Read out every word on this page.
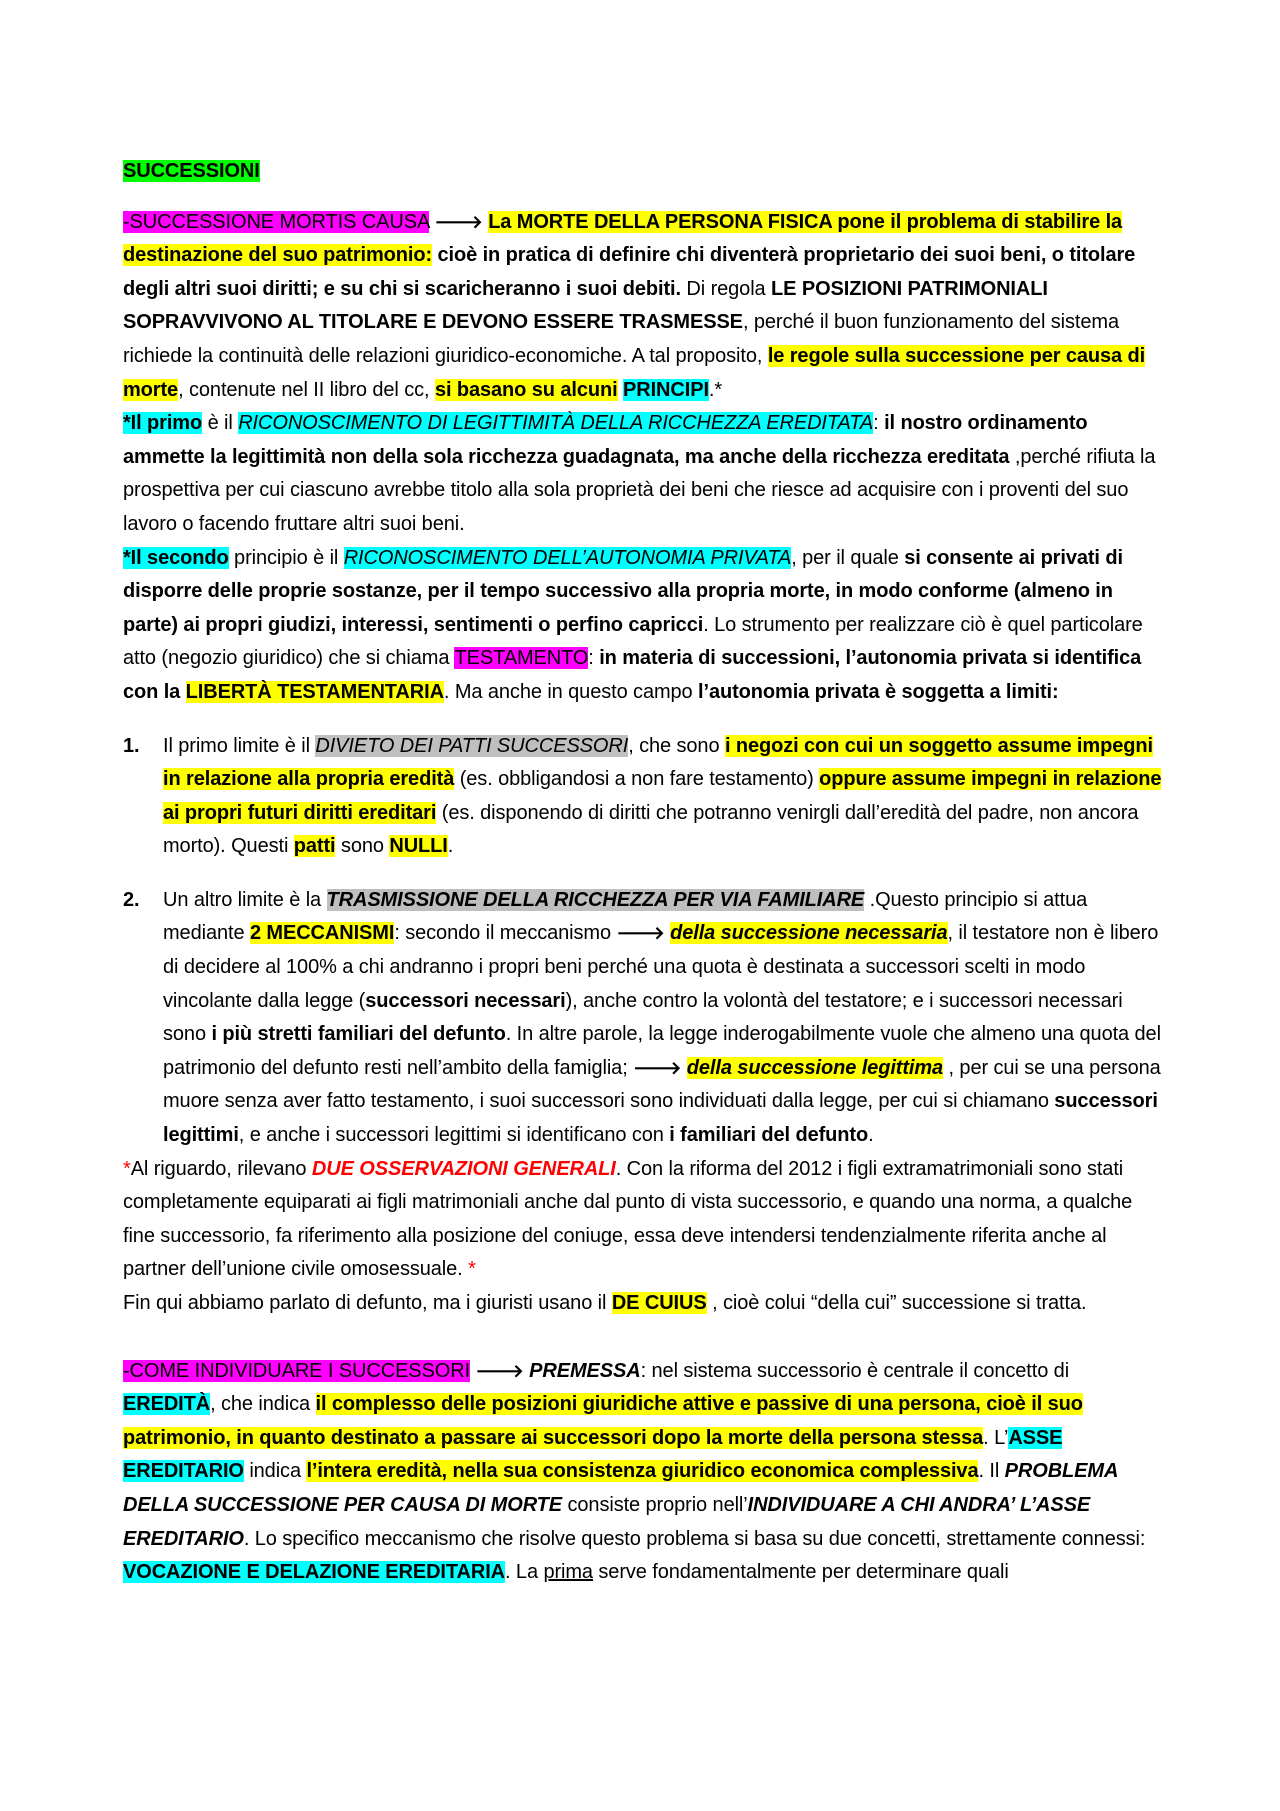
SUCCESSIONI

-SUCCESSIONE MORTIS CAUSA 🡒 La MORTE DELLA PERSONA FISICA pone il problema di stabilire la destinazione del suo patrimonio: cioè in pratica di definire chi diventerà proprietario dei suoi beni, o titolare degli altri suoi diritti; e su chi si scaricheranno i suoi debiti. Di regola LE POSIZIONI PATRIMONIALI SOPRAVVIVONO AL TITOLARE E DEVONO ESSERE TRASMESSE, perché il buon funzionamento del sistema richiede la continuità delle relazioni giuridico-economiche. A tal proposito, le regole sulla successione per causa di morte, contenute nel II libro del cc, si basano su alcuni PRINCIPI.*

*Il primo è il RICONOSCIMENTO DI LEGITTIMITÀ DELLA RICCHEZZA EREDITATA: il nostro ordinamento ammette la legittimità non della sola ricchezza guadagnata, ma anche della ricchezza ereditata ,perché rifiuta la prospettiva per cui ciascuno avrebbe titolo alla sola proprietà dei beni che riesce ad acquisire con i proventi del suo lavoro o facendo fruttare altri suoi beni.

*Il secondo principio è il RICONOSCIMENTO DELL’AUTONOMIA PRIVATA, per il quale si consente ai privati di disporre delle proprie sostanze, per il tempo successivo alla propria morte, in modo conforme (almeno in parte) ai propri giudizi, interessi, sentimenti o perfino capricci. Lo strumento per realizzare ciò è quel particolare atto (negozio giuridico) che si chiama TESTAMENTO: in materia di successioni, l’autonomia privata si identifica con la LIBERTÀ TESTAMENTARIA. Ma anche in questo campo l’autonomia privata è soggetta a limiti:

1. Il primo limite è il DIVIETO DEI PATTI SUCCESSORI, che sono i negozi con cui un soggetto assume impegni in relazione alla propria eredità (es. obbligandosi a non fare testamento) oppure assume impegni in relazione ai propri futuri diritti ereditari (es. disponendo di diritti che potranno venirgli dall’eredità del padre, non ancora morto). Questi patti sono NULLI.
2. Un altro limite è la TRASMISSIONE DELLA RICCHEZZA PER VIA FAMILIARE .Questo principio si attua mediante 2 MECCANISMI: secondo il meccanismo 🡒 della successione necessaria, il testatore non è libero di decidere al 100% a chi andranno i propri beni perché una quota è destinata a successori scelti in modo vincolante dalla legge (successori necessari), anche contro la volontà del testatore; e i successori necessari sono i più stretti familiari del defunto. In altre parole, la legge inderogabilmente vuole che almeno una quota del patrimonio del defunto resti nell’ambito della famiglia; 🡒 della successione legittima , per cui se una persona muore senza aver fatto testamento, i suoi successori sono individuati dalla legge, per cui si chiamano successori legittimi, e anche i successori legittimi si identificano con i familiari del defunto.

*Al riguardo, rilevano DUE OSSERVAZIONI GENERALI. Con la riforma del 2012 i figli extramatrimoniali sono stati completamente equiparati ai figli matrimoniali anche dal punto di vista successorio, e quando una norma, a qualche fine successorio, fa riferimento alla posizione del coniuge, essa deve intendersi tendenzialmente riferita anche al partner dell’unione civile omosessuale. *

Fin qui abbiamo parlato di defunto, ma i giuristi usano il DE CUIUS , cioè colui “della cui” successione si tratta.

-COME INDIVIDUARE I SUCCESSORI 🡒 PREMESSA: nel sistema successorio è centrale il concetto di EREDITÀ, che indica il complesso delle posizioni giuridiche attive e passive di una persona, cioè il suo patrimonio, in quanto destinato a passare ai successori dopo la morte della persona stessa. L’ASSE EREDITARIO indica l’intera eredità, nella sua consistenza giuridico economica complessiva. Il PROBLEMA DELLA SUCCESSIONE PER CAUSA DI MORTE consiste proprio nell’INDIVIDUARE A CHI ANDRA’ L’ASSE EREDITARIO. Lo specifico meccanismo che risolve questo problema si basa su due concetti, strettamente connessi: VOCAZIONE E DELAZIONE EREDITARIA. La prima serve fondamentalmente per determinare quali
